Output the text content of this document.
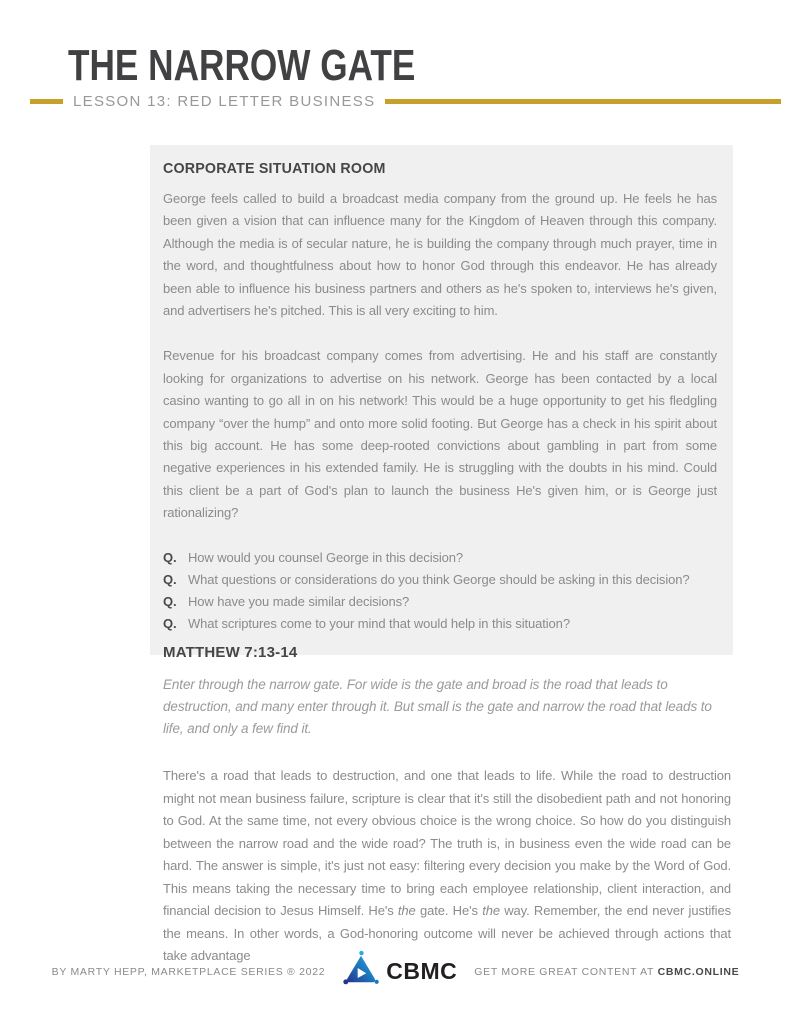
THE NARROW GATE
LESSON 13: RED LETTER BUSINESS
CORPORATE SITUATION ROOM

George feels called to build a broadcast media company from the ground up. He feels he has been given a vision that can influence many for the Kingdom of Heaven through this company. Although the media is of secular nature, he is building the company through much prayer, time in the word, and thoughtfulness about how to honor God through this endeavor. He has already been able to influence his business partners and others as he's spoken to, interviews he's given, and advertisers he's pitched. This is all very exciting to him.

Revenue for his broadcast company comes from advertising. He and his staff are constantly looking for organizations to advertise on his network. George has been contacted by a local casino wanting to go all in on his network! This would be a huge opportunity to get his fledgling company “over the hump” and onto more solid footing. But George has a check in his spirit about this big account. He has some deep-rooted convictions about gambling in part from some negative experiences in his extended family. He is struggling with the doubts in his mind. Could this client be a part of God's plan to launch the business He's given him, or is George just rationalizing?

Q. How would you counsel George in this decision?
Q. What questions or considerations do you think George should be asking in this decision?
Q. How have you made similar decisions?
Q. What scriptures come to your mind that would help in this situation?
MATTHEW 7:13-14

Enter through the narrow gate. For wide is the gate and broad is the road that leads to destruction, and many enter through it. But small is the gate and narrow the road that leads to life, and only a few find it.

There's a road that leads to destruction, and one that leads to life. While the road to destruction might not mean business failure, scripture is clear that it's still the disobedient path and not honoring to God. At the same time, not every obvious choice is the wrong choice. So how do you distinguish between the narrow road and the wide road? The truth is, in business even the wide road can be hard. The answer is simple, it's just not easy: filtering every decision you make by the Word of God. This means taking the necessary time to bring each employee relationship, client interaction, and financial decision to Jesus Himself. He's the gate. He's the way. Remember, the end never justifies the means. In other words, a God-honoring outcome will never be achieved through actions that take advantage

BY MARTY HEPP, MARKETPLACE SERIES ® 2022	CBMC GET MORE GREAT CONTENT AT CBMC.ONLINE
